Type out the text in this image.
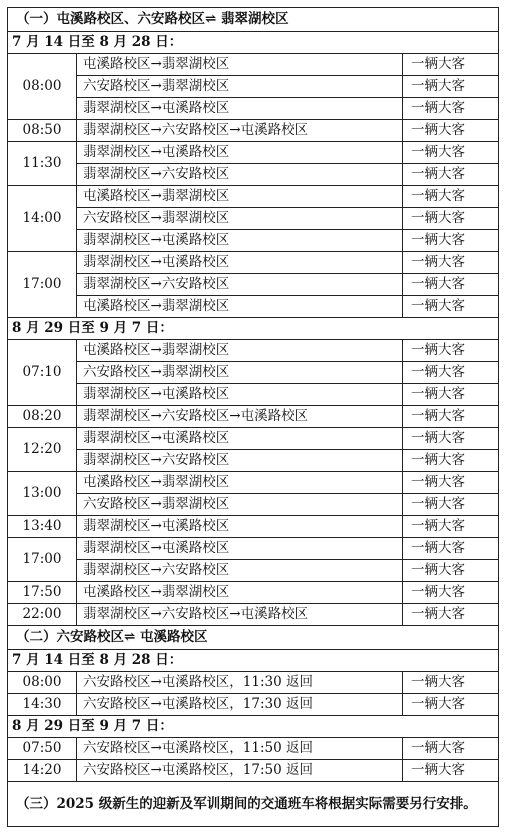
（一）屯溪路校区、六安路校区⇌ 翡翠湖校区		
7 月 14 日至 8 月 28 日：		
08:00	屯溪路校区→翡翠湖校区	一辆大客
	六安路校区→翡翠湖校区	一辆大客
	翡翠湖校区→屯溪路校区	一辆大客
08:50	翡翠湖校区→六安路校区→屯溪路校区	一辆大客
11:30	翡翠湖校区→屯溪路校区	一辆大客
	翡翠湖校区→六安路校区	一辆大客
14:00	屯溪路校区→翡翠湖校区	一辆大客
	六安路校区→翡翠湖校区	一辆大客
	翡翠湖校区→屯溪路校区	一辆大客
17:00	翡翠湖校区→屯溪路校区	一辆大客
	翡翠湖校区→六安路校区	一辆大客
	屯溪路校区→翡翠湖校区	一辆大客
8 月 29 日至 9 月 7 日：		
07:10	屯溪路校区→翡翠湖校区	一辆大客
	六安路校区→翡翠湖校区	一辆大客
	翡翠湖校区→屯溪路校区	一辆大客
08:20	翡翠湖校区→六安路校区→屯溪路校区	一辆大客
12:20	翡翠湖校区→屯溪路校区	一辆大客
	翡翠湖校区→六安路校区	一辆大客
13:00	屯溪路校区→翡翠湖校区	一辆大客
	六安路校区→翡翠湖校区	一辆大客
13:40	翡翠湖校区→屯溪路校区	一辆大客
17:00	翡翠湖校区→屯溪路校区	一辆大客
	翡翠湖校区→六安路校区	一辆大客
17:50	屯溪路校区→翡翠湖校区	一辆大客
22:00	翡翠湖校区→六安路校区→屯溪路校区	一辆大客
（二）六安路校区⇌ 屯溪路校区		
7 月 14 日至 8 月 28 日：		
08:00	六安路校区→屯溪路校区，11:30 返回	一辆大客
14:30	六安路校区→屯溪路校区，17:30 返回	一辆大客
8 月 29 日至 9 月 7 日：		
07:50	六安路校区→屯溪路校区，11:50 返回	一辆大客
14:20	六安路校区→屯溪路校区，17:50 返回	一辆大客
（三）2025 级新生的迎新及军训期间的交通班车将根据实际需要另行安排。		
